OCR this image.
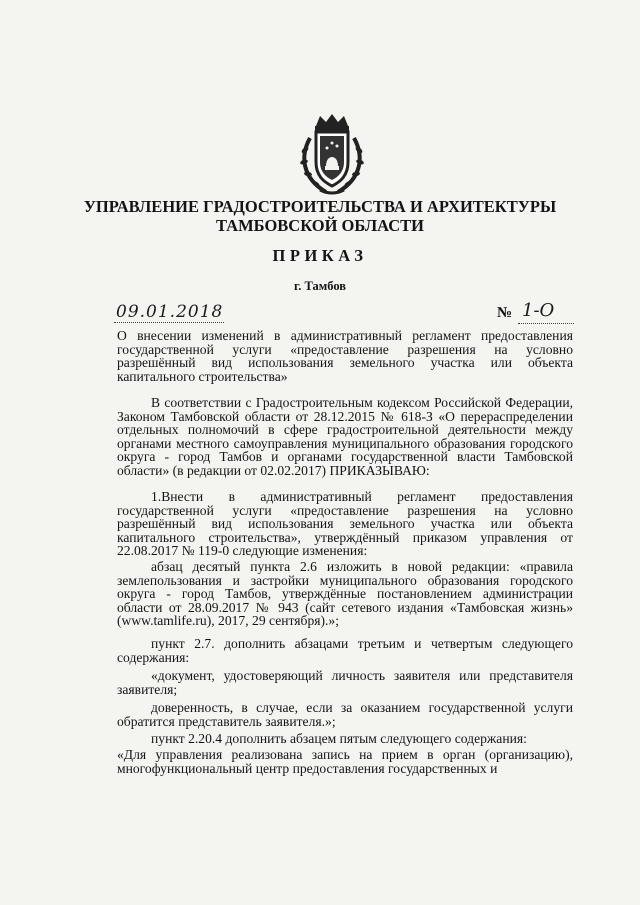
УПРАВЛЕНИЕ ГРАДОСТРОИТЕЛЬСТВА И АРХИТЕКТУРЫ
ТАМБОВСКОЙ ОБЛАСТИ
ПРИКАЗ
г. Тамбов
09.01.2018	№ 1-О

О внесении изменений в административный регламент предоставления государственной услуги «предоставление разрешения на условно разрешённый вид использования земельного участка или объекта капитального строительства»

В соответствии с Градостроительным кодексом Российской Федерации, Законом Тамбовской области от 28.12.2015 № 618-З «О перераспределении отдельных полномочий в сфере градостроительной деятельности между органами местного самоуправления муниципального образования городского округа - город Тамбов и органами государственной власти Тамбовской области» (в редакции от 02.02.2017) ПРИКАЗЫВАЮ:

1.Внести в административный регламент предоставления государственной услуги «предоставление разрешения на условно разрешённый вид использования земельного участка или объекта капитального строительства», утверждённый приказом управления от 22.08.2017 № 119-0 следующие изменения:

абзац десятый пункта 2.6 изложить в новой редакции: «правила землепользования и застройки муниципального образования городского округа - город Тамбов, утверждённые постановлением администрации области от 28.09.2017 № 943 (сайт сетевого издания «Тамбовская жизнь» (www.tamlife.ru), 2017, 29 сентября).»;

пункт 2.7. дополнить абзацами третьим и четвертым следующего содержания:

«документ, удостоверяющий личность заявителя или представителя заявителя;

доверенность, в случае, если за оказанием государственной услуги обратится представитель заявителя.»;

пункт 2.20.4 дополнить абзацем пятым следующего содержания:

«Для управления реализована запись на прием в орган (организацию), многофункциональный центр предоставления государственных и
